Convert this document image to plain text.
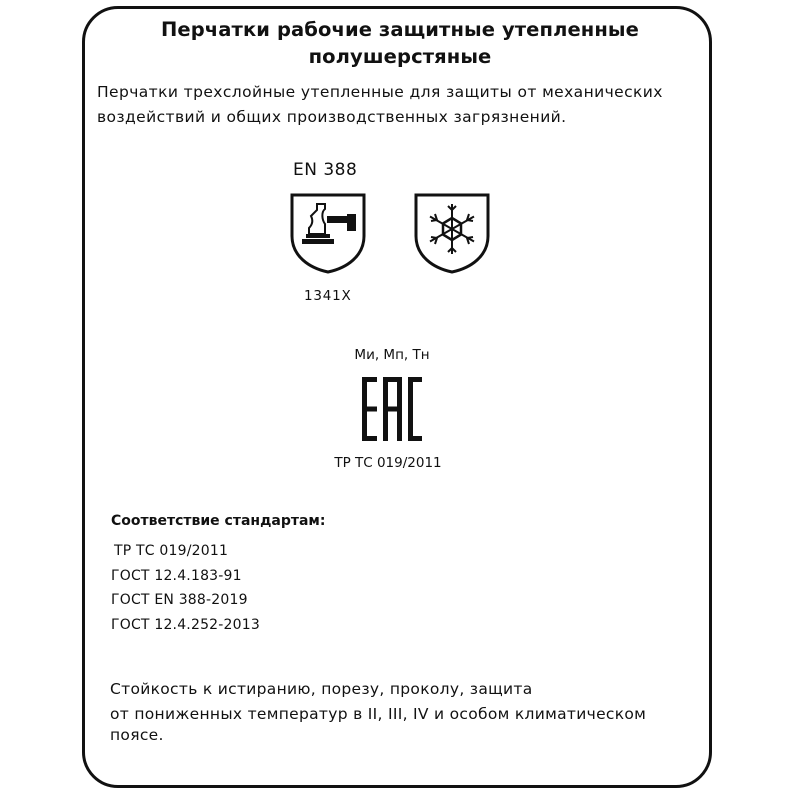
Перчатки рабочие защитные утепленные полушерстяные
Перчатки трехслойные утепленные для защиты от механических воздействий и общих производственных загрязнений.
EN 388
1341X
Ми, Мп, Тн
ТР ТС 019/2011
Соответствие стандартам:
ТР ТС 019/2011
ГОСТ 12.4.183-91
ГОСТ EN 388-2019
ГОСТ 12.4.252-2013
Стойкость к истиранию, порезу, проколу, защита
от пониженных температур в II, III, IV и особом климатическом
поясе.
